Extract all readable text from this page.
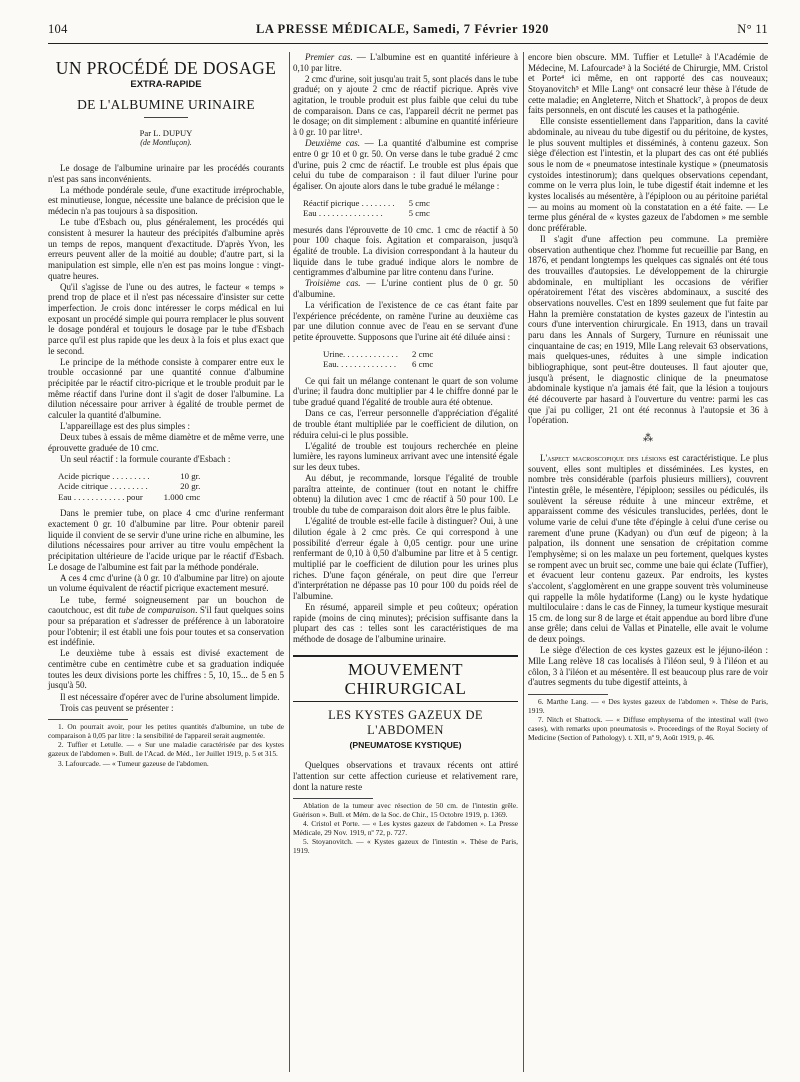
104	LA PRESSE MÉDICALE, Samedi, 7 Février 1920	N° 11
UN PROCÉDÉ DE DOSAGE
EXTRA-RAPIDE
DE L'ALBUMINE URINAIRE
Par L. DUPUY
(de Montluçon).

Le dosage de l'albumine urinaire par les procédés courants n'est pas sans inconvénients.

La méthode pondérale seule, d'une exactitude irréprochable, est minutieuse, longue, nécessite une balance de précision que le médecin n'a pas toujours à sa disposition.

Le tube d'Esbach ou, plus généralement, les procédés qui consistent à mesurer la hauteur des précipités d'albumine après un temps de repos, manquent d'exactitude. D'après Yvon, les erreurs peuvent aller de la moitié au double; d'autre part, si la manipulation est simple, elle n'en est pas moins longue : vingt-quatre heures.

Qu'il s'agisse de l'une ou des autres, le facteur « temps » prend trop de place et il n'est pas nécessaire d'insister sur cette imperfection. Je crois donc intéresser le corps médical en lui exposant un procédé simple qui pourra remplacer le plus souvent le dosage pondéral et toujours le dosage par le tube d'Esbach parce qu'il est plus rapide que les deux à la fois et plus exact que le second.

Le principe de la méthode consiste à comparer entre eux le trouble occasionné par une quantité connue d'albumine précipitée par le réactif citro-picrique et le trouble produit par le même réactif dans l'urine dont il s'agit de doser l'albumine. La dilution nécessaire pour arriver à égalité de trouble permet de calculer la quantité d'albumine.

L'appareillage est des plus simples :

Deux tubes à essais de même diamètre et de même verre, une éprouvette graduée de 10 cmc.

Un seul réactif : la formule courante d'Esbach :

Acide picrique . . . . . . . . .	10 gr.
Acide citrique . . . . . . . . .	20 gr.
Eau . . . . . . . . . . . . pour	1.000 cmc

Dans le premier tube, on place 4 cmc d'urine renfermant exactement 0 gr. 10 d'albumine par litre. Pour obtenir pareil liquide il convient de se servir d'une urine riche en albumine, les dilutions nécessaires pour arriver au titre voulu empêchent la précipitation ultérieure de l'acide urique par le réactif d'Esbach. Le dosage de l'albumine est fait par la méthode pondérale.

A ces 4 cmc d'urine (à 0 gr. 10 d'albumine par litre) on ajoute un volume équivalent de réactif picrique exactement mesuré.

Le tube, fermé soigneusement par un bouchon de caoutchouc, est dit tube de comparaison. S'il faut quelques soins pour sa préparation et s'adresser de préférence à un laboratoire pour l'obtenir; il est établi une fois pour toutes et sa conservation est indéfinie.

Le deuxième tube à essais est divisé exactement de centimètre cube en centimètre cube et sa graduation indiquée toutes les deux divisions porte les chiffres : 5, 10, 15... de 5 en 5 jusqu'à 50.

Il est nécessaire d'opérer avec de l'urine absolument limpide.

Trois cas peuvent se présenter :

1. On pourrait avoir, pour les petites quantités d'albumine, un tube de comparaison à 0,05 par litre : la sensibilité de l'appareil serait augmentée.

2. Tuffier et Letulle. — « Sur une maladie caractérisée par des kystes gazeux de l'abdomen ». Bull. de l'Acad. de Méd., 1er Juillet 1919, p. 5 et 315.

3. Lafourcade. — « Tumeur gazeuse de l'abdomen.

Premier cas. — L'albumine est en quantité inférieure à 0,10 par litre.

2 cmc d'urine, soit jusqu'au trait 5, sont placés dans le tube gradué; on y ajoute 2 cmc de réactif picrique. Après vive agitation, le trouble produit est plus faible que celui du tube de comparaison. Dans ce cas, l'appareil décrit ne permet pas le dosage; on dit simplement : albumine en quantité inférieure à 0 gr. 10 par litre¹.

Deuxième cas. — La quantité d'albumine est comprise entre 0 gr 10 et 0 gr. 50. On verse dans le tube gradué 2 cmc d'urine, puis 2 cmc de réactif. Le trouble est plus épais que celui du tube de comparaison : il faut diluer l'urine pour égaliser. On ajoute alors dans le tube gradué le mélange :

Réactif picrique . . . . . . . .	5 cmc
Eau . . . . . . . . . . . . . . .	5 cmc

mesurés dans l'éprouvette de 10 cmc. 1 cmc de réactif à 50 pour 100 chaque fois. Agitation et comparaison, jusqu'à égalité de trouble. La division correspondant à la hauteur du liquide dans le tube gradué indique alors le nombre de centigrammes d'albumine par litre contenu dans l'urine.

Troisième cas. — L'urine contient plus de 0 gr. 50 d'albumine.

La vérification de l'existence de ce cas étant faite par l'expérience précédente, on ramène l'urine au deuxième cas par une dilution connue avec de l'eau en se servant d'une petite éprouvette. Supposons que l'urine ait été diluée ainsi :

Urine. . . . . . . . . . . . .	2 cmc
Eau. . . . . . . . . . . . . .	6 cmc

Ce qui fait un mélange contenant le quart de son volume d'urine; il faudra donc multiplier par 4 le chiffre donné par le tube gradué quand l'égalité de trouble aura été obtenue.

Dans ce cas, l'erreur personnelle d'appréciation d'égalité de trouble étant multipliée par le coefficient de dilution, on réduira celui-ci le plus possible.

L'égalité de trouble est toujours recherchée en pleine lumière, les rayons lumineux arrivant avec une intensité égale sur les deux tubes.

Au début, je recommande, lorsque l'égalité de trouble paraîtra atteinte, de continuer (tout en notant le chiffre obtenu) la dilution avec 1 cmc de réactif à 50 pour 100. Le trouble du tube de comparaison doit alors être le plus faible.

L'égalité de trouble est-elle facile à distinguer? Oui, à une dilution égale à 2 cmc près. Ce qui correspond à une possibilité d'erreur égale à 0,05 centigr. pour une urine renfermant de 0,10 à 0,50 d'albumine par litre et à 5 centigr. multiplié par le coefficient de dilution pour les urines plus riches. D'une façon générale, on peut dire que l'erreur d'interprétation ne dépasse pas 10 pour 100 du poids réel de l'albumine.

En résumé, appareil simple et peu coûteux; opération rapide (moins de cinq minutes); précision suffisante dans la plupart des cas : telles sont les caractéristiques de ma méthode de dosage de l'albumine urinaire.

MOUVEMENT CHIRURGICAL
LES KYSTES GAZEUX DE L'ABDOMEN
(PNEUMATOSE KYSTIQUE)

Quelques observations et travaux récents ont attiré l'attention sur cette affection curieuse et relativement rare, dont la nature reste

Ablation de la tumeur avec résection de 50 cm. de l'intestin grêle. Guérison ». Bull. et Mém. de la Soc. de Chir., 15 Octobre 1919, p. 1369.

4. Cristol et Porte. — « Les kystes gazeux de l'abdomen ». La Presse Médicale, 29 Nov. 1919, nº 72, p. 727.

5. Stoyanovitch. — « Kystes gazeux de l'intestin ». Thèse de Paris, 1919.

encore bien obscure. MM. Tuffier et Letulle² à l'Académie de Médecine, M. Lafourcade³ à la Société de Chirurgie, MM. Cristol et Porte⁴ ici même, en ont rapporté des cas nouveaux; Stoyanovitch⁵ et Mlle Lang⁶ ont consacré leur thèse à l'étude de cette maladie; en Angleterre, Nitch et Shattock⁷, à propos de deux faits personnels, en ont discuté les causes et la pathogénie.

Elle consiste essentiellement dans l'apparition, dans la cavité abdominale, au niveau du tube digestif ou du péritoine, de kystes, le plus souvent multiples et disséminés, à contenu gazeux. Son siège d'élection est l'intestin, et la plupart des cas ont été publiés sous le nom de « pneumatose intestinale kystique » (pneumatosis cystoides intestinorum); dans quelques observations cependant, comme on le verra plus loin, le tube digestif était indemne et les kystes localisés au mésentère, à l'épiploon ou au péritoine pariétal — au moins au moment où la constatation en a été faite. — Le terme plus général de « kystes gazeux de l'abdomen » me semble donc préférable.

Il s'agit d'une affection peu commune. La première observation authentique chez l'homme fut recueillie par Bang, en 1876, et pendant longtemps les quelques cas signalés ont été tous des trouvailles d'autopsies. Le développement de la chirurgie abdominale, en multipliant les occasions de vérifier opératoirement l'état des viscères abdominaux, a suscité des observations nouvelles. C'est en 1899 seulement que fut faite par Hahn la première constatation de kystes gazeux de l'intestin au cours d'une intervention chirurgicale. En 1913, dans un travail paru dans les Annals of Surgery, Turnure en réunissait une cinquantaine de cas; en 1919, Mlle Lang relevait 63 observations, mais quelques-unes, réduites à une simple indication bibliographique, sont peut-être douteuses. Il faut ajouter que, jusqu'à présent, le diagnostic clinique de la pneumatose abdominale kystique n'a jamais été fait, que la lésion a toujours été découverte par hasard à l'ouverture du ventre: parmi les cas que j'ai pu colliger, 21 ont été reconnus à l'autopsie et 36 à l'opération.

⁂

L'aspect macroscopique des lésions est caractéristique. Le plus souvent, elles sont multiples et disséminées. Les kystes, en nombre très considérable (parfois plusieurs milliers), couvrent l'intestin grêle, le mésentère, l'épiploon; sessiles ou pédiculés, ils soulèvent la séreuse réduite à une minceur extrême, et apparaissent comme des vésicules translucides, perlées, dont le volume varie de celui d'une tête d'épingle à celui d'une cerise ou rarement d'une prune (Kadyan) ou d'un œuf de pigeon; à la palpation, ils donnent une sensation de crépitation comme l'emphysème; si on les malaxe un peu fortement, quelques kystes se rompent avec un bruit sec, comme une baie qui éclate (Tuffier), et évacuent leur contenu gazeux. Par endroits, les kystes s'accolent, s'agglomèrent en une grappe souvent très volumineuse qui rappelle la môle hydatiforme (Lang) ou le kyste hydatique multiloculaire : dans le cas de Finney, la tumeur kystique mesurait 15 cm. de long sur 8 de large et était appendue au bord libre d'une anse grêle; dans celui de Vallas et Pinatelle, elle avait le volume de deux poings.

Le siège d'élection de ces kystes gazeux est le jéjuno-iléon : Mlle Lang relève 18 cas localisés à l'iléon seul, 9 à l'iléon et au côlon, 3 à l'iléon et au mésentère. Il est beaucoup plus rare de voir d'autres segments du tube digestif atteints, à

6. Marthe Lang. — « Des kystes gazeux de l'abdomen ». Thèse de Paris, 1919.

7. Nitch et Shattock. — « Diffuse emphysema of the intestinal wall (two cases), with remarks upon pneumatosis ». Proceedings of the Royal Society of Medicine (Section of Pathology). t. XII, nº 9, Août 1919, p. 46.
